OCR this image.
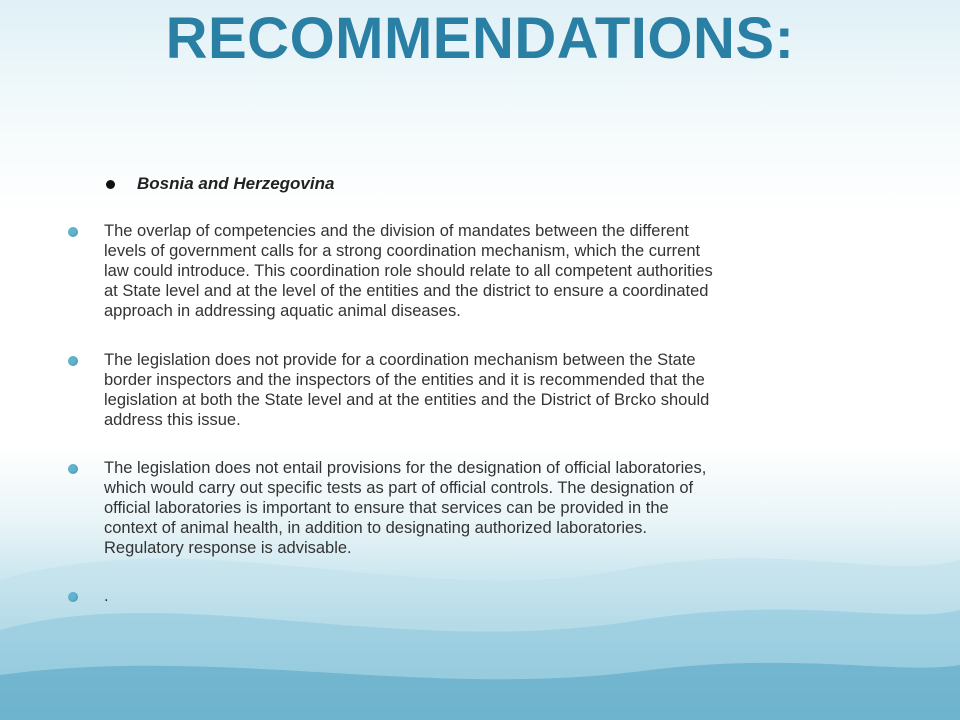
RECOMMENDATIONS:
Bosnia and Herzegovina
The overlap of competencies and the division of mandates between the different
levels of government calls for a strong coordination mechanism, which the current
law could introduce. This coordination role should relate to all competent authorities
at State level and at the level of the entities and the district to ensure a coordinated
approach in addressing aquatic animal diseases.
The legislation does not provide for a coordination mechanism between the State
border inspectors and the inspectors of the entities and it is recommended that the
legislation at both the State level and at the entities and the District of Brcko should
address this issue.
The legislation does not entail provisions for the designation of official laboratories,
which would carry out specific tests as part of official controls. The designation of
official laboratories is important to ensure that services can be provided in the
context of animal health, in addition to designating authorized laboratories.
Regulatory response is advisable.
.
